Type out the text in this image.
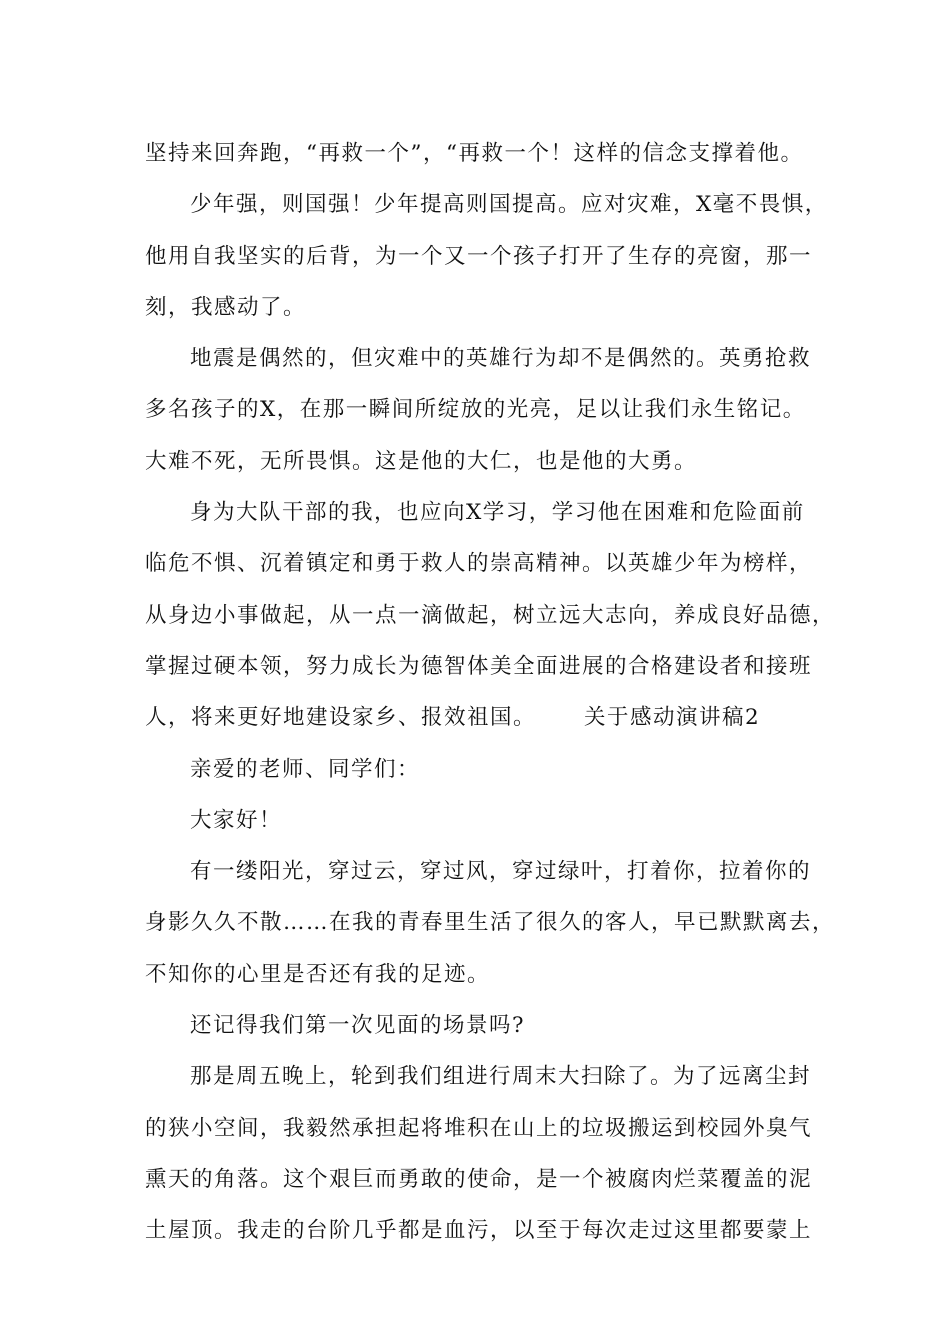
坚持来回奔跑，“再救一个”，“再救一个！这样的信念支撑着他。
少年强，则国强！少年提高则国提高。应对灾难，X毫不畏惧，
他用自我坚实的后背，为一个又一个孩子打开了生存的亮窗，那一
刻，我感动了。
地震是偶然的，但灾难中的英雄行为却不是偶然的。英勇抢救
多名孩子的X，在那一瞬间所绽放的光亮，足以让我们永生铭记。
大难不死，无所畏惧。这是他的大仁，也是他的大勇。
身为大队干部的我，也应向X学习，学习他在困难和危险面前
临危不惧、沉着镇定和勇于救人的崇高精神。以英雄少年为榜样，
从身边小事做起，从一点一滴做起，树立远大志向，养成良好品德，
掌握过硬本领，努力成长为德智体美全面进展的合格建设者和接班
人，将来更好地建设家乡、报效祖国。 关于感动演讲稿2
亲爱的老师、同学们：
大家好！
有一缕阳光，穿过云，穿过风，穿过绿叶，打着你，拉着你的
身影久久不散……在我的青春里生活了很久的客人，早已默默离去，
不知你的心里是否还有我的足迹。
还记得我们第一次见面的场景吗?
那是周五晚上，轮到我们组进行周末大扫除了。为了远离尘封
的狭小空间，我毅然承担起将堆积在山上的垃圾搬运到校园外臭气
熏天的角落。这个艰巨而勇敢的使命，是一个被腐肉烂菜覆盖的泥
土屋顶。我走的台阶几乎都是血污，以至于每次走过这里都要蒙上
